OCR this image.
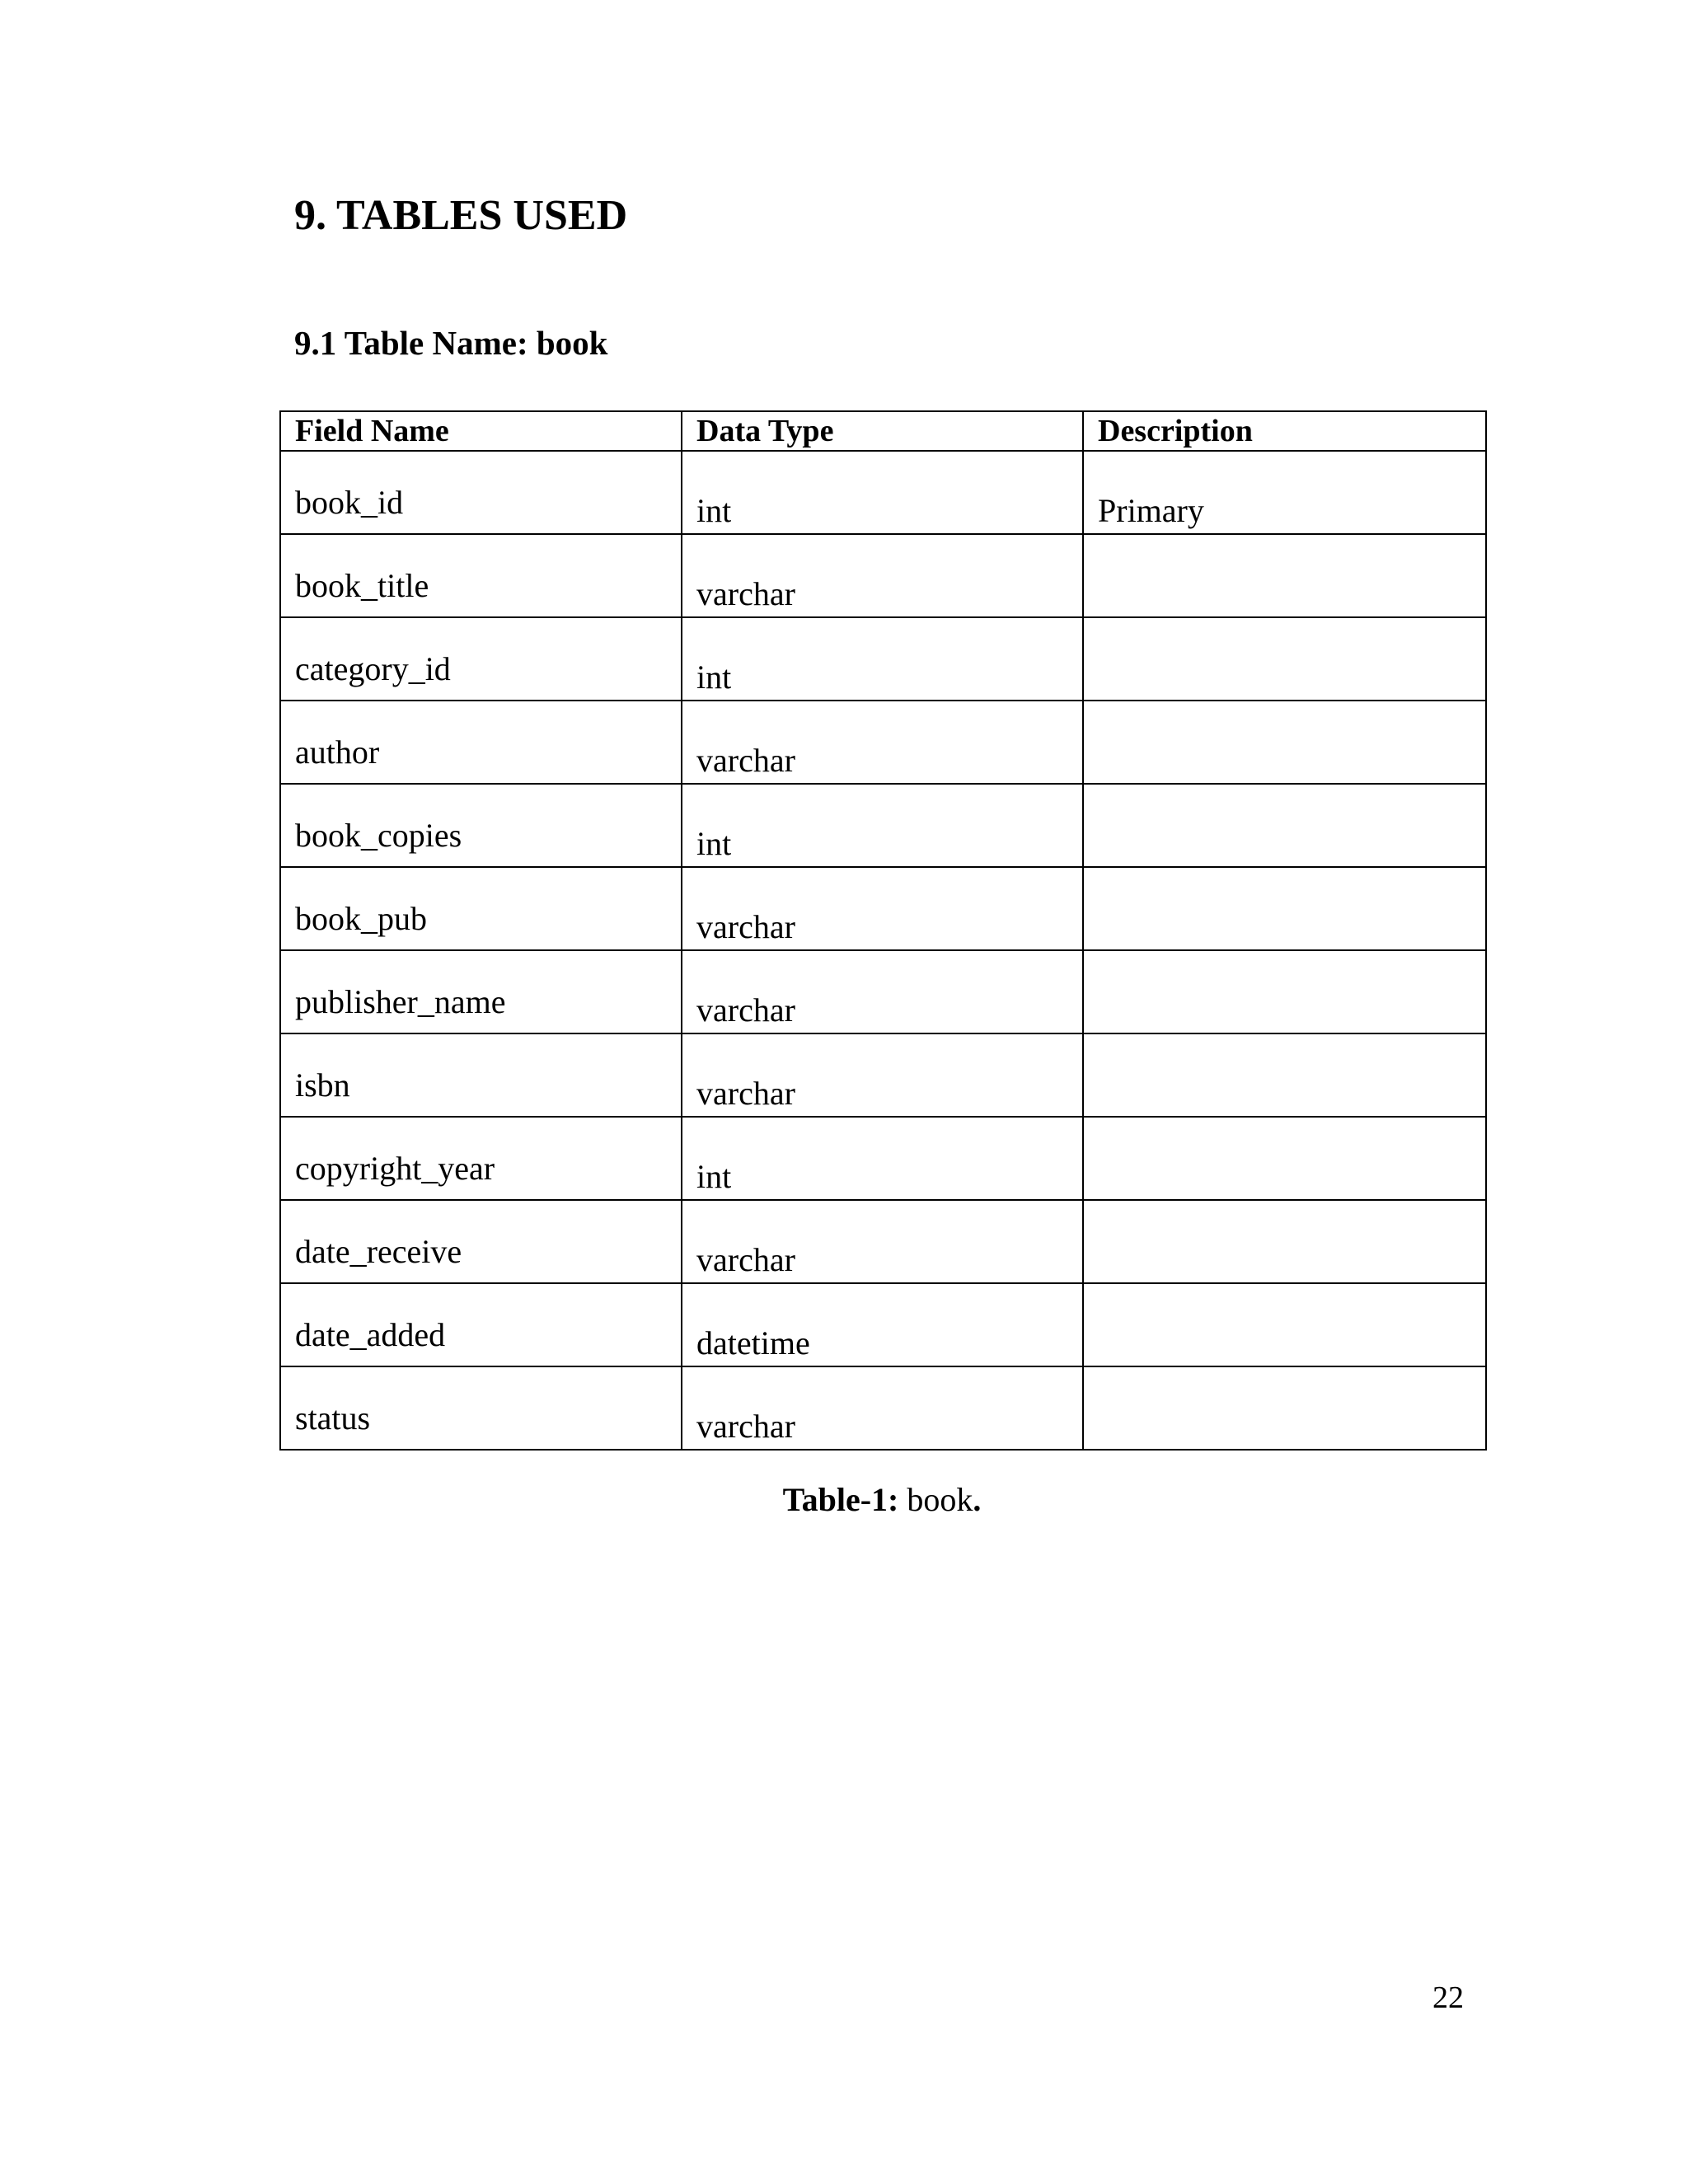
9. TABLES USED
9.1 Table Name: book
Field Name	Data Type	Description

book_id	int	Primary

book_title	varchar	

category_id	int	

author	varchar	

book_copies	int	

book_pub	varchar	

publisher_name	varchar	

isbn	varchar	

copyright_year	int	

date_receive	varchar	

date_added	datetime	

status	varchar	

Table-1: book.
22
